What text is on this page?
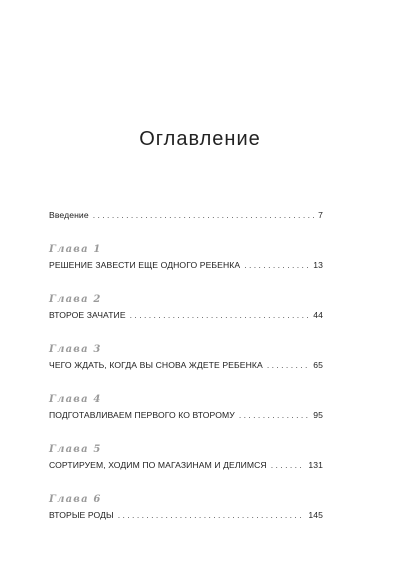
Оглавление
Введение . . .	7
Глава 1
РЕШЕНИЕ ЗАВЕСТИ ЕЩЕ ОДНОГО РЕБЕНКА . . .	13
Глава 2
ВТОРОЕ ЗАЧАТИЕ . . .	44
Глава 3
ЧЕГО ЖДАТЬ, КОГДА ВЫ СНОВА ЖДЕТЕ РЕБЕНКА . . .	65
Глава 4
ПОДГОТАВЛИВАЕМ ПЕРВОГО КО ВТОРОМУ . . .	95
Глава 5
СОРТИРУЕМ, ХОДИМ ПО МАГАЗИНАМ И ДЕЛИМСЯ . . .	131
Глава 6
ВТОРЫЕ РОДЫ . . .	145
